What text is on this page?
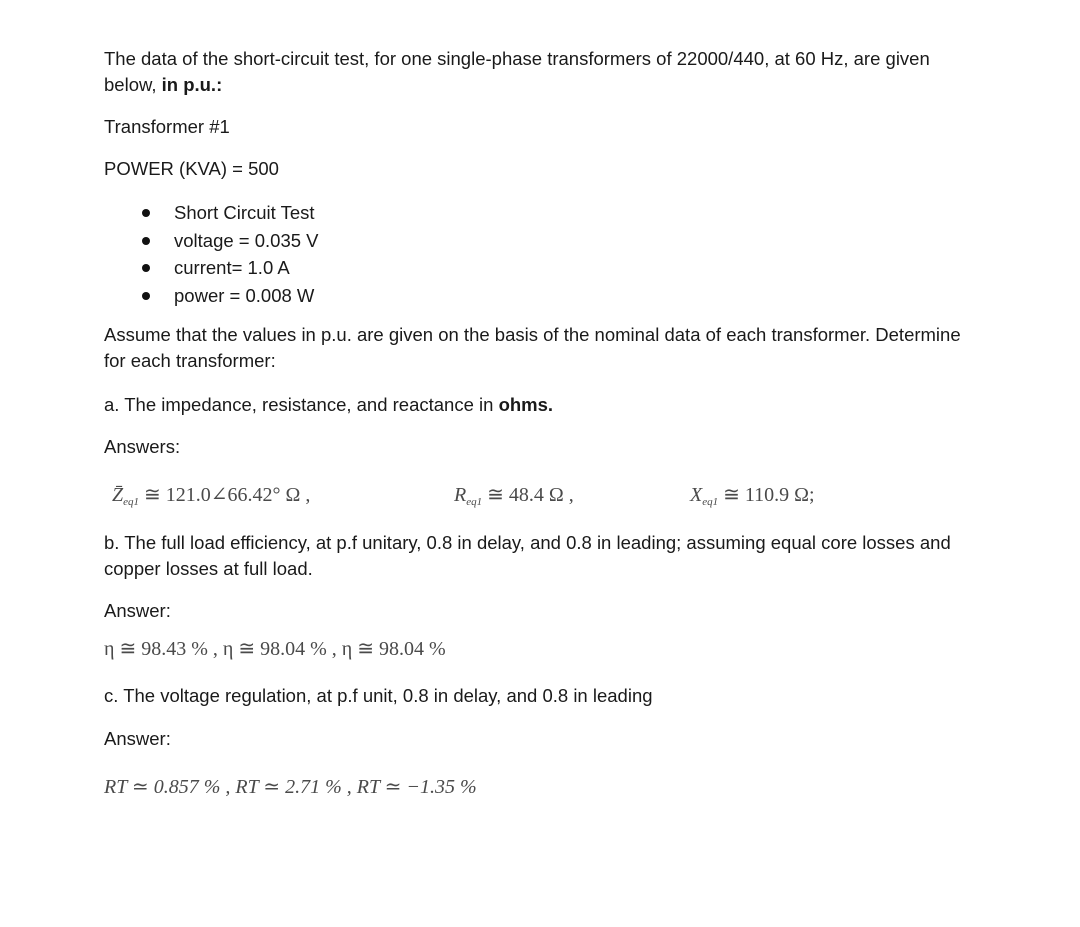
The data of the short-circuit test, for one single-phase transformers of 22000/440, at 60 Hz, are given below, in p.u.:

Transformer #1

POWER (KVA) = 500

Short Circuit Test
voltage = 0.035 V
current= 1.0 A
power = 0.008 W

Assume that the values in p.u. are given on the basis of the nominal data of each transformer. Determine for each transformer:

a. The impedance, resistance, and reactance in ohms.

Answers:

$Z̄_{eq1}$ ≅ 121.0∠66.42° Ω ,	$R_{eq1}$ ≅ 48.4 Ω ,	$X_{eq1}$ ≅ 110.9 Ω;

b. The full load efficiency, at p.f unitary, 0.8 in delay, and 0.8 in leading; assuming equal core losses and copper losses at full load.

Answer:

η ≅ 98.43 % , η ≅ 98.04 % , η ≅ 98.04 %

c. The voltage regulation, at p.f unit, 0.8 in delay, and 0.8 in leading

Answer:

RT ≃ 0.857 % , RT ≃ 2.71 % , RT ≃ −1.35 %
